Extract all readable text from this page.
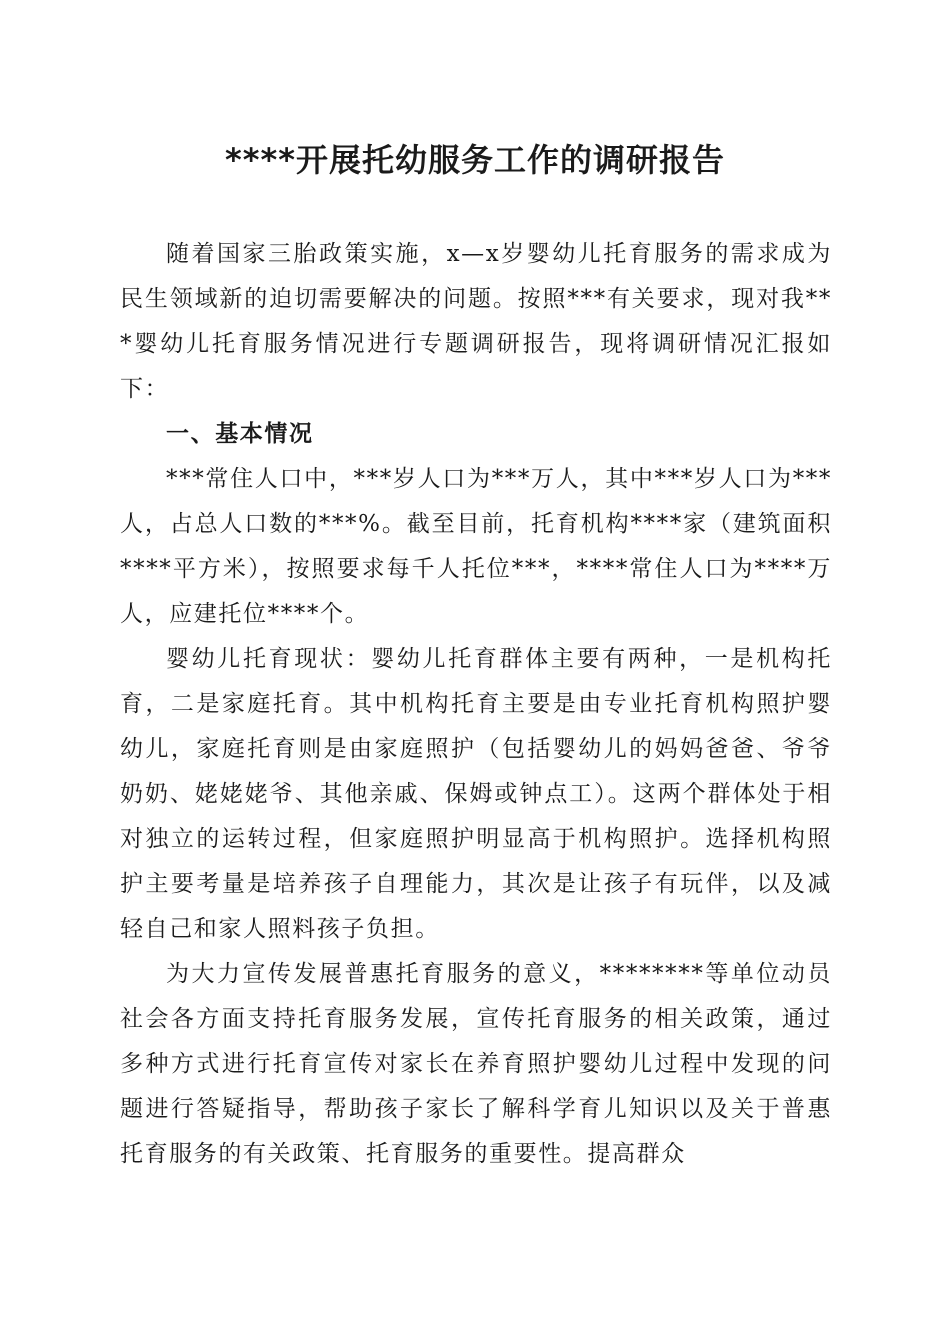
****开展托幼服务工作的调研报告

随着国家三胎政策实施，x—x岁婴幼儿托育服务的需求成为民生领域新的迫切需要解决的问题。按照***有关要求，现对我***婴幼儿托育服务情况进行专题调研报告，现将调研情况汇报如下：

一、基本情况

***常住人口中，***岁人口为***万人，其中***岁人口为***人，占总人口数的***%。截至目前，托育机构****家（建筑面积****平方米），按照要求每千人托位***，****常住人口为****万人，应建托位****个。

婴幼儿托育现状：婴幼儿托育群体主要有两种，一是机构托育，二是家庭托育。其中机构托育主要是由专业托育机构照护婴幼儿，家庭托育则是由家庭照护（包括婴幼儿的妈妈爸爸、爷爷奶奶、姥姥姥爷、其他亲戚、保姆或钟点工）。这两个群体处于相对独立的运转过程，但家庭照护明显高于机构照护。选择机构照护主要考量是培养孩子自理能力，其次是让孩子有玩伴，以及减轻自己和家人照料孩子负担。

为大力宣传发展普惠托育服务的意义，********等单位动员社会各方面支持托育服务发展，宣传托育服务的相关政策，通过多种方式进行托育宣传对家长在养育照护婴幼儿过程中发现的问题进行答疑指导，帮助孩子家长了解科学育儿知识以及关于普惠托育服务的有关政策、托育服务的重要性。提高群众
